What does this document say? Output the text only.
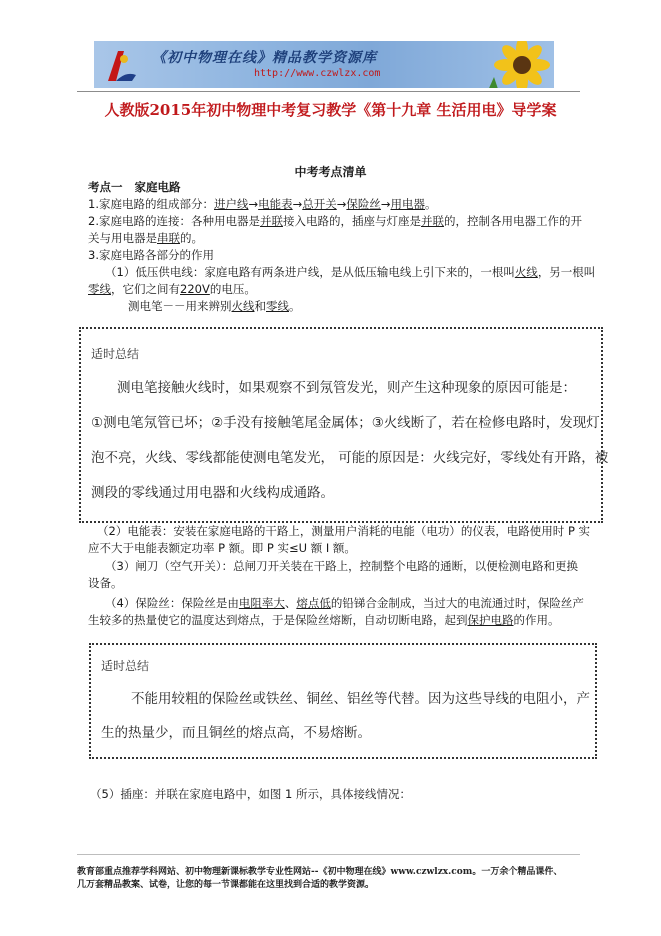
《初中物理在线》精品教学资源库
http://www.czwlzx.com
人教版2015年初中物理中考复习教学《第十九章 生活用电》导学案
中考考点清单
考点一 家庭电路
1.家庭电路的组成部分：进户线→电能表→总开关→保险丝→用电器。
2.家庭电路的连接：各种用电器是并联接入电路的，插座与灯座是并联的，控制各用电器工作的开
关与用电器是串联的。
3.家庭电路各部分的作用
（1）低压供电线：家庭电路有两条进户线，是从低压输电线上引下来的，一根叫火线，另一根叫
零线，它们之间有220V的电压。
测电笔－－用来辨别火线和零线。
适时总结
测电笔接触火线时，如果观察不到氖管发光，则产生这种现象的原因可能是：
①测电笔氖管已坏；②手没有接触笔尾金属体；③火线断了，若在检修电路时，发现灯
泡不亮，火线、零线都能使测电笔发光， 可能的原因是：火线完好，零线处有开路，被
测段的零线通过用电器和火线构成通路。
（2）电能表：安装在家庭电路的干路上，测量用户消耗的电能（电功）的仪表，电路使用时 P 实
应不大于电能表额定功率 P 额。即 P 实≤U 额 I 额。
（3）闸刀（空气开关）：总闸刀开关装在干路上，控制整个电路的通断，以便检测电路和更换
设备。
（4）保险丝：保险丝是由电阻率大、熔点低的铅锑合金制成，当过大的电流通过时，保险丝产
生较多的热量使它的温度达到熔点，于是保险丝熔断，自动切断电路，起到保护电路的作用。
适时总结
不能用较粗的保险丝或铁丝、铜丝、铝丝等代替。因为这些导线的电阻小，产
生的热量少，而且铜丝的熔点高，不易熔断。
（5）插座：并联在家庭电路中，如图 1 所示，具体接线情况：
教育部重点推荐学科网站、初中物理新课标教学专业性网站--《初中物理在线》www.czwlzx.com。一万余个精品课件、
几万套精品教案、试卷，让您的每一节课都能在这里找到合适的教学资源。
